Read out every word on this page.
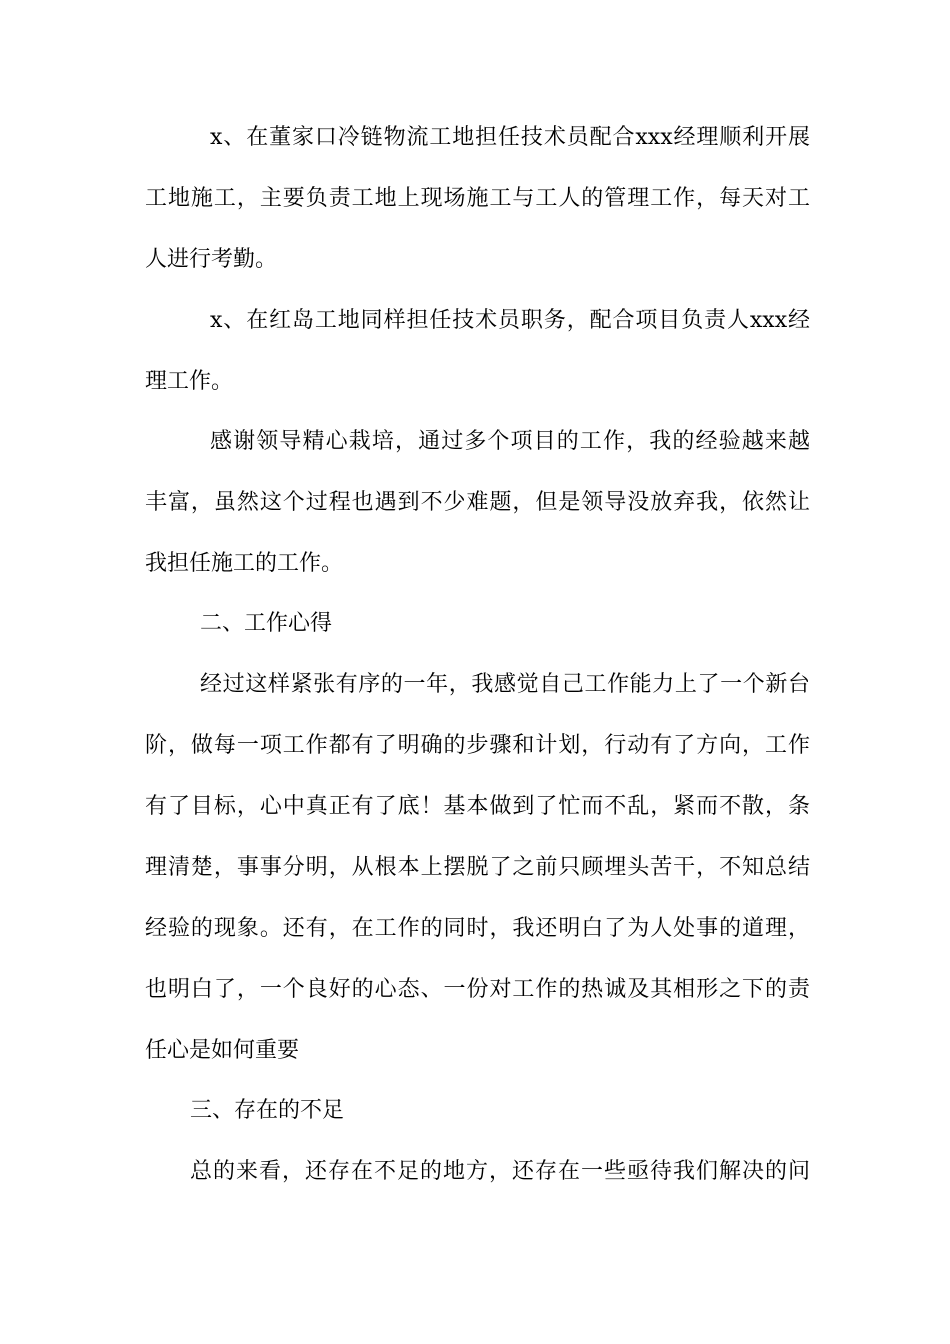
x、在董家口冷链物流工地担任技术员配合xxx经理顺利开展
工地施工，主要负责工地上现场施工与工人的管理工作，每天对工
人进行考勤。
x、在红岛工地同样担任技术员职务，配合项目负责人xxx经
理工作。
感谢领导精心栽培，通过多个项目的工作，我的经验越来越
丰富，虽然这个过程也遇到不少难题，但是领导没放弃我，依然让
我担任施工的工作。
二、工作心得
经过这样紧张有序的一年，我感觉自己工作能力上了一个新台
阶，做每一项工作都有了明确的步骤和计划，行动有了方向，工作
有了目标，心中真正有了底！基本做到了忙而不乱，紧而不散，条
理清楚，事事分明，从根本上摆脱了之前只顾埋头苦干，不知总结
经验的现象。还有，在工作的同时，我还明白了为人处事的道理，
也明白了，一个良好的心态、一份对工作的热诚及其相形之下的责
任心是如何重要
三、存在的不足
总的来看，还存在不足的地方，还存在一些亟待我们解决的问
